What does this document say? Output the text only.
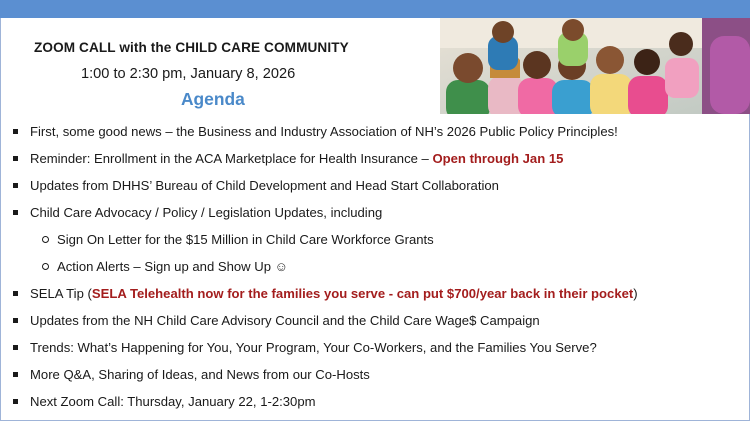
ZOOM CALL with the CHILD CARE COMMUNITY
1:00 to 2:30 pm, January 8, 2026
Agenda
First, some good news – the Business and Industry Association of NH’s 2026 Public Policy Principles!
Reminder: Enrollment in the ACA Marketplace for Health Insurance – Open through Jan 15
Updates from DHHS’ Bureau of Child Development and Head Start Collaboration
Child Care Advocacy / Policy / Legislation Updates, including
Sign On Letter for the $15 Million in Child Care Workforce Grants
Action Alerts – Sign up and Show Up ☺
SELA Tip (SELA Telehealth now for the families you serve - can put $700/year back in their pocket)
Updates from the NH Child Care Advisory Council and the Child Care Wage$ Campaign
Trends: What’s Happening for You, Your Program, Your Co-Workers, and the Families You Serve?
More Q&A, Sharing of Ideas, and News from our Co-Hosts
Next Zoom Call: Thursday, January 22, 1-2:30pm
